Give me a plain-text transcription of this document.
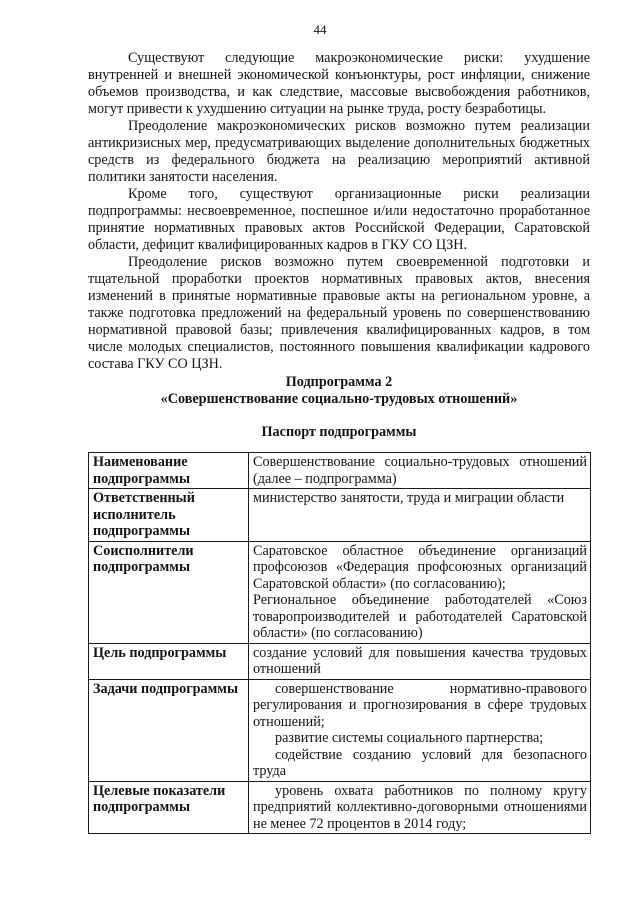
44

Существуют следующие макроэкономические риски: ухудшение внутренней и внешней экономической конъюнктуры, рост инфляции, снижение объемов производства, и как следствие, массовые высвобождения работников, могут привести к ухудшению ситуации на рынке труда, росту безработицы.

Преодоление макроэкономических рисков возможно путем реализации антикризисных мер, предусматривающих выделение дополнительных бюджетных средств из федерального бюджета на реализацию мероприятий активной политики занятости населения.

Кроме того, существуют организационные риски реализации подпрограммы: несвоевременное, поспешное и/или недостаточно проработанное принятие нормативных правовых актов Российской Федерации, Саратовской области, дефицит квалифицированных кадров в ГКУ СО ЦЗН.

Преодоление рисков возможно путем своевременной подготовки и тщательной проработки проектов нормативных правовых актов, внесения изменений в принятые нормативные правовые акты на региональном уровне, а также подготовка предложений на федеральный уровень по совершенствованию нормативной правовой базы; привлечения квалифицированных кадров, в том числе молодых специалистов, постоянного повышения квалификации кадрового состава ГКУ СО ЦЗН.

Подпрограмма 2

«Совершенствование социально-трудовых отношений»

Паспорт подпрограммы

Наименование подпрограммы	Совершенствование социально-трудовых отношений (далее – подпрограмма)

Ответственный исполнитель подпрограммы	министерство занятости, труда и миграции области

Соисполнители подпрограммы	Саратовское областное объединение организаций профсоюзов «Федерация профсоюзных организаций Саратовской области» (по согласованию);

Региональное объединение работодателей «Союз товаропроизводителей и работодателей Саратовской области» (по согласованию)

Цель подпрограммы	создание условий для повышения качества трудовых отношений

Задачи подпрограммы	совершенствование нормативно-правового регулирования и прогнозирования в сфере трудовых отношений;

развитие системы социального партнерства;

содействие созданию условий для безопасного труда

Целевые показатели подпрограммы	уровень охвата работников по полному кругу предприятий коллективно-договорными отношениями не менее 72 процентов в 2014 году;
